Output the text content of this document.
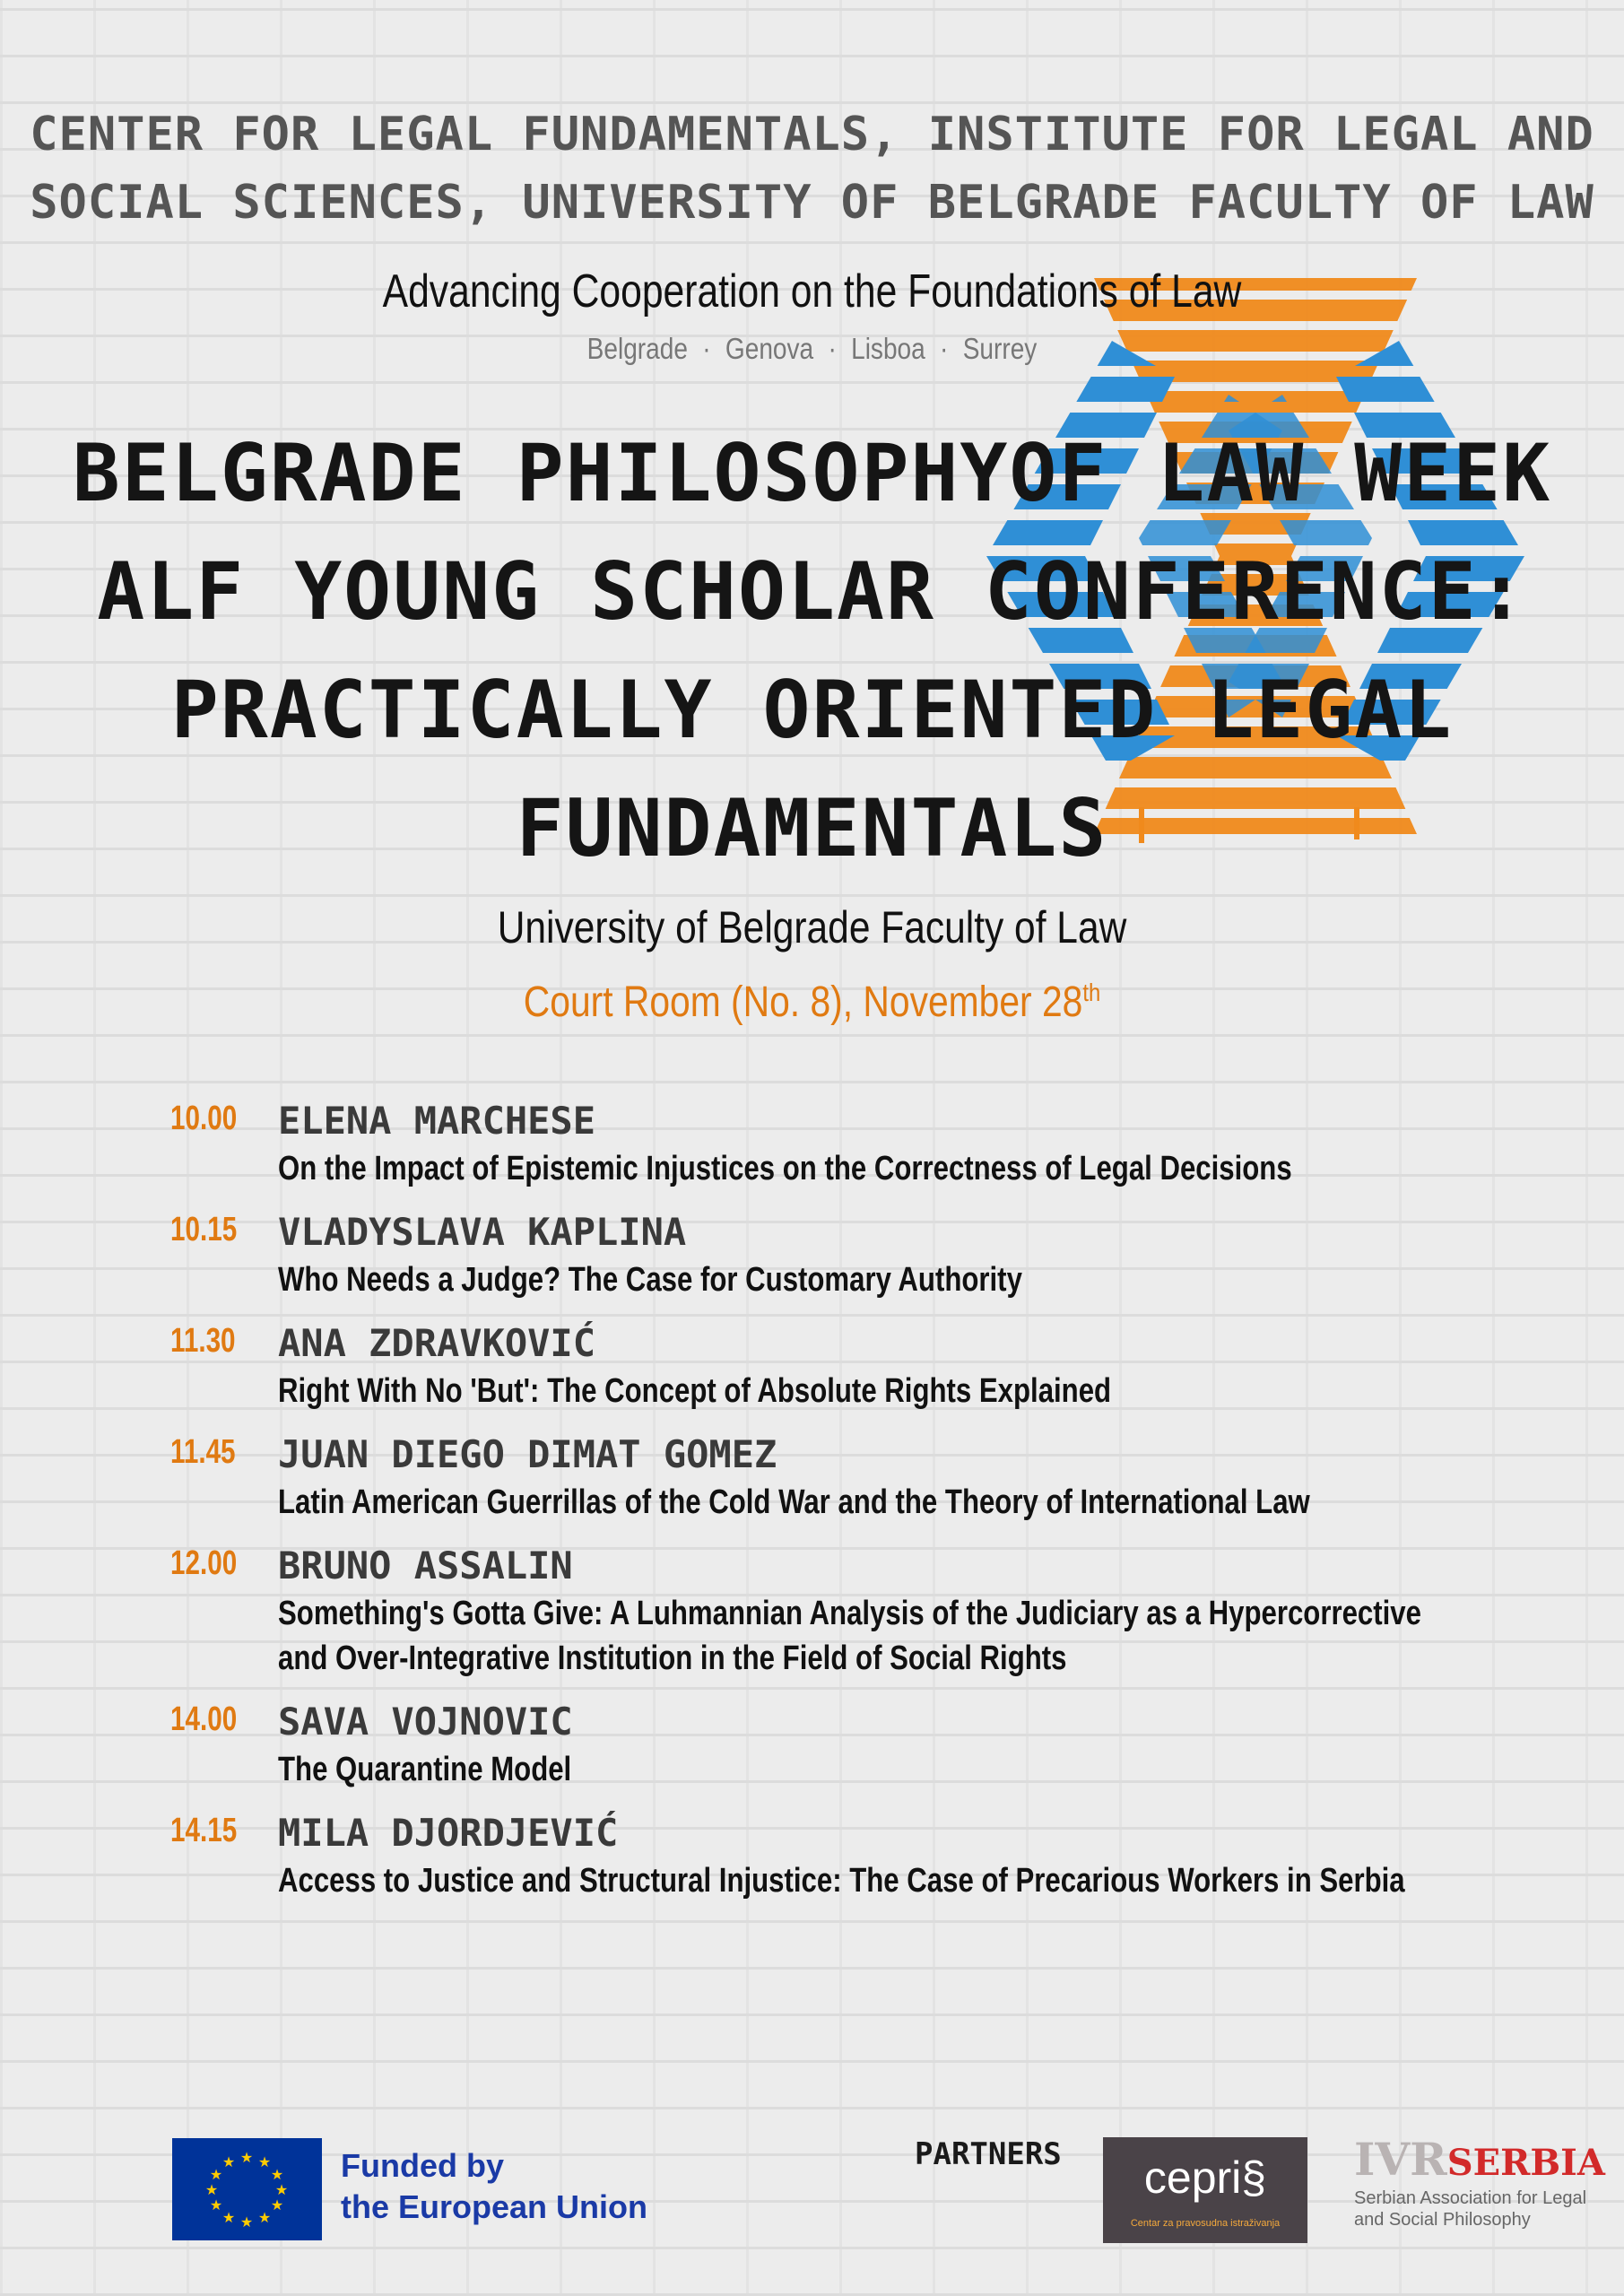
CENTER FOR LEGAL FUNDAMENTALS, INSTITUTE FOR LEGAL AND
SOCIAL SCIENCES, UNIVERSITY OF BELGRADE FACULTY OF LAW
Advancing Cooperation on the Foundations of Law
Belgrade · Genova · Lisboa · Surrey
BELGRADE PHILOSOPHYOF LAW WEEK
ALF YOUNG SCHOLAR CONFERENCE:
PRACTICALLY ORIENTED LEGAL
FUNDAMENTALS
University of Belgrade Faculty of Law
Court Room (No. 8), November 28th
10.00 ELENA MARCHESE
On the Impact of Epistemic Injustices on the Correctness of Legal Decisions
10.15 VLADYSLAVA KAPLINA
Who Needs a Judge? The Case for Customary Authority
11.30 ANA ZDRAVKOVIĆ
Right With No 'But': The Concept of Absolute Rights Explained
11.45 JUAN DIEGO DIMAT GOMEZ
Latin American Guerrillas of the Cold War and the Theory of International Law
12.00 BRUNO ASSALIN
Something's Gotta Give: A Luhmannian Analysis of the Judiciary as a Hypercorrective
and Over-Integrative Institution in the Field of Social Rights
14.00 SAVA VOJNOVIC
The Quarantine Model
14.15 MILA DJORDJEVIĆ
Access to Justice and Structural Injustice: The Case of Precarious Workers in Serbia
★ ★
★
★
★
★
★
★
★
★
★
★	Funded by
the European Union
PARTNERS	cepri§
Centar za pravosudna istraživanja
IVRSERBIA
Serbian Association for Legal
and Social Philosophy
